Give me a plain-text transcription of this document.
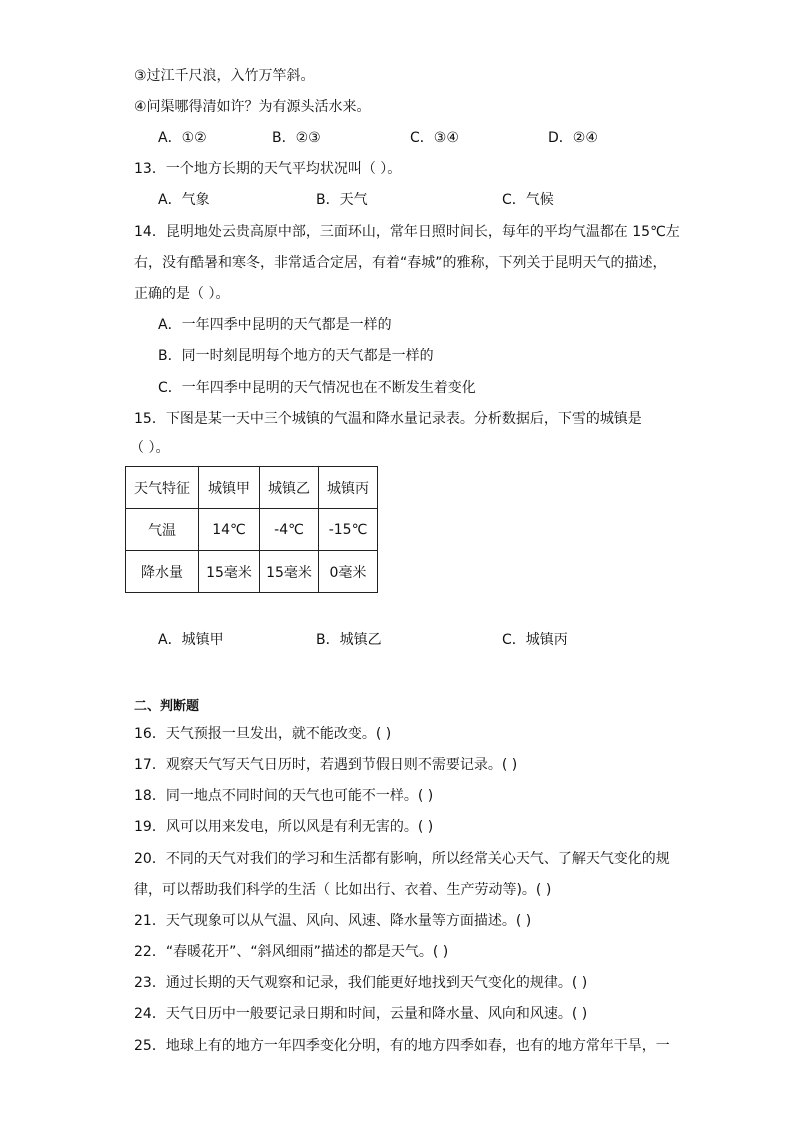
③过江千尺浪，入竹万竿斜。
④问渠哪得清如许？为有源头活水来。
A．①②	B．②③	C．③④	D．②④
13．一个地方长期的天气平均状况叫（ ）。
A．气象	B．天气	C．气候
14．昆明地处云贵高原中部，三面环山，常年日照时间长，每年的平均气温都在 15℃左
右，没有酷暑和寒冬，非常适合定居，有着“春城”的雅称，下列关于昆明天气的描述，
正确的是（ ）。
A．一年四季中昆明的天气都是一样的
B．同一时刻昆明每个地方的天气都是一样的
C．一年四季中昆明的天气情况也在不断发生着变化
15．下图是某一天中三个城镇的气温和降水量记录表。分析数据后，下雪的城镇是
（ ）。
天气特征	城镇甲	城镇乙	城镇丙
气温	14℃	-4℃	-15℃
降水量	15毫米	15毫米	0毫米
A．城镇甲	B．城镇乙	C．城镇丙
二、判断题
16．天气预报一旦发出，就不能改变。( )
17．观察天气写天气日历时，若遇到节假日则不需要记录。( )
18．同一地点不同时间的天气也可能不一样。( )
19．风可以用来发电，所以风是有利无害的。( )
20．不同的天气对我们的学习和生活都有影响，所以经常关心天气、了解天气变化的规
律，可以帮助我们科学的生活（ 比如出行、衣着、生产劳动等)。( )
21．天气现象可以从气温、风向、风速、降水量等方面描述。( )
22．“春暖花开”、“斜风细雨”描述的都是天气。( )
23．通过长期的天气观察和记录，我们能更好地找到天气变化的规律。( )
24．天气日历中一般要记录日期和时间，云量和降水量、风向和风速。( )
25．地球上有的地方一年四季变化分明，有的地方四季如春，也有的地方常年干旱，一
